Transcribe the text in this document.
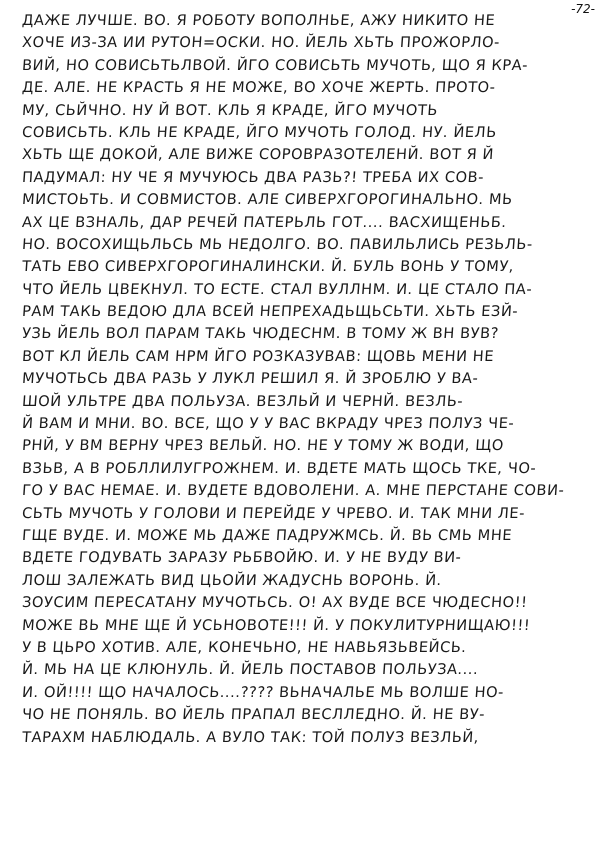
-72-
ДАЖЕ ЛУЧШЕ. ВО. Я РОБОТУ ВОПОЛНЬЕ, АЖУ НИКИТО НЕ
ХОЧЕ ИЗ-ЗА ИИ РУТОН=ОСКИ. НО. ЙЕЛЬ ХЬТЬ ПРОЖОРЛО-
ВИЙ, НО СОВИСЬТЬЛВОЙ. ЙГО СОВИСЬТЬ МУЧОТЬ, ЩО Я КРА-
ДЕ. АЛЕ. НЕ КРАСТЬ Я НЕ МОЖЕ, ВО ХОЧЕ ЖЕРТЬ. ПРОТО-
МУ, СЬЙЧНО. НУ Й ВОТ. КЛЬ Я КРАДЕ, ЙГО МУЧОТЬ
СОВИСЬТЬ. КЛЬ НЕ КРАДЕ, ЙГО МУЧОТЬ ГОЛОД. НУ. ЙЕЛЬ
ХЬТЬ ЩЕ ДОКОЙ, АЛЕ ВИЖЕ СОРОВРАЗОТЕЛЕНЙ. ВОТ Я Й
ПАДУМАЛ: НУ ЧЕ Я МУЧУЮСЬ ДВА РАЗЬ?! ТРЕБА ИХ СОВ-
МИСТОЬТЬ. И СОВМИСТОВ. АЛЕ СИВЕРХГОРОГИНАЛЬНО. МЬ
АХ ЦЕ ВЗНАЛЬ, ДАР РЕЧЕЙ ПАТЕРЬЛЬ ГОТ.... ВАСХИЩЕНЬБ.
НО. ВОСОХИЩЬЛЬСЬ МЬ НЕДОЛГО. ВО. ПАВИЛЬЛИСЬ РЕЗЬЛЬ-
ТАТЬ ЕВО СИВЕРХГОРОГИНАЛИНСКИ. Й. БУЛЬ ВОНЬ У ТОМУ,
ЧТО ЙЕЛЬ ЦВЕКНУЛ. ТО ЕСТЕ. СТАЛ ВУЛЛНМ. И. ЦЕ СТАЛО ПА-
РАМ ТАКЬ ВЕДОЮ ДЛА ВСЕЙ НЕПРЕХАДЬЩЬСЬТИ. ХЬТЬ ЕЗЙ-
УЗЬ ЙЕЛЬ ВОЛ ПАРАМ ТАКЬ ЧЮДЕСНМ. В ТОМУ Ж ВН ВУВ?
ВОТ КЛ ЙЕЛЬ САМ НРМ ЙГО РОЗКАЗУВАВ: ЩОВЬ МЕНИ НЕ
МУЧОТЬСЬ ДВА РАЗЬ У ЛУКЛ РЕШИЛ Я. Й ЗРОБЛЮ У ВА-
ШОЙ УЛЬТРЕ ДВА ПОЛЬУЗА. ВЕЗЛЬЙ И ЧЕРНЙ. ВЕЗЛЬ-
Й ВАМ И МНИ. ВО. ВСЕ, ЩО У У ВАС ВКРАДУ ЧРЕЗ ПОЛУЗ ЧЕ-
РНЙ, У ВМ ВЕРНУ ЧРЕЗ ВЕЛЬЙ. НО. НЕ У ТОМУ Ж ВОДИ, ЩО
ВЗЬВ, А В РОБЛЛИЛУГРОЖНЕМ. И. ВДЕТЕ МАТЬ ЩОСЬ ТКЕ, ЧО-
ГО У ВАС НЕМАЕ. И. ВУДЕТЕ ВДОВОЛЕНИ. А. МНЕ ПЕРСТАНЕ СОВИ-
СЬТЬ МУЧОТЬ У ГОЛОВИ И ПЕРЕЙДЕ У ЧРЕВО. И. ТАК МНИ ЛЕ-
ГЩЕ ВУДЕ. И. МОЖЕ МЬ ДАЖЕ ПАДРУЖМСЬ. Й. ВЬ СМЬ МНЕ
ВДЕТЕ ГОДУВАТЬ ЗАРАЗУ РЬБВОЙЮ. И. У НЕ ВУДУ ВИ-
ЛОШ ЗАЛЕЖАТЬ ВИД ЦЬОЙИ ЖАДУСНЬ ВОРОНЬ. Й.
ЗОУСИМ ПЕРЕСАТАНУ МУЧОТЬСЬ. О! АХ ВУДЕ ВСЕ ЧЮДЕСНО!!
МОЖЕ ВЬ МНЕ ЩЕ Й УСЬНОВОТЕ!!! Й. У ПОКУЛИТУРНИЩАЮ!!!
У В ЦЬРО ХОТИВ. АЛЕ, КОНЕЧЬНО, НЕ НАВЬЯЗЬВЕЙСЬ.
Й. МЬ НА ЦЕ КЛЮНУЛЬ. Й. ЙЕЛЬ ПОСТАВОВ ПОЛЬУЗА....
И. ОЙ!!!! ЩО НАЧАЛОСЬ....???? ВЬНАЧАЛЬЕ МЬ ВОЛШЕ НО-
ЧО НЕ ПОНЯЛЬ. ВО ЙЕЛЬ ПРАПАЛ ВЕСЛЛЕДНО. Й. НЕ ВУ-
ТАРАХМ НАБЛЮДАЛЬ. А ВУЛО ТАК: ТОЙ ПОЛУЗ ВЕЗЛЬЙ,
